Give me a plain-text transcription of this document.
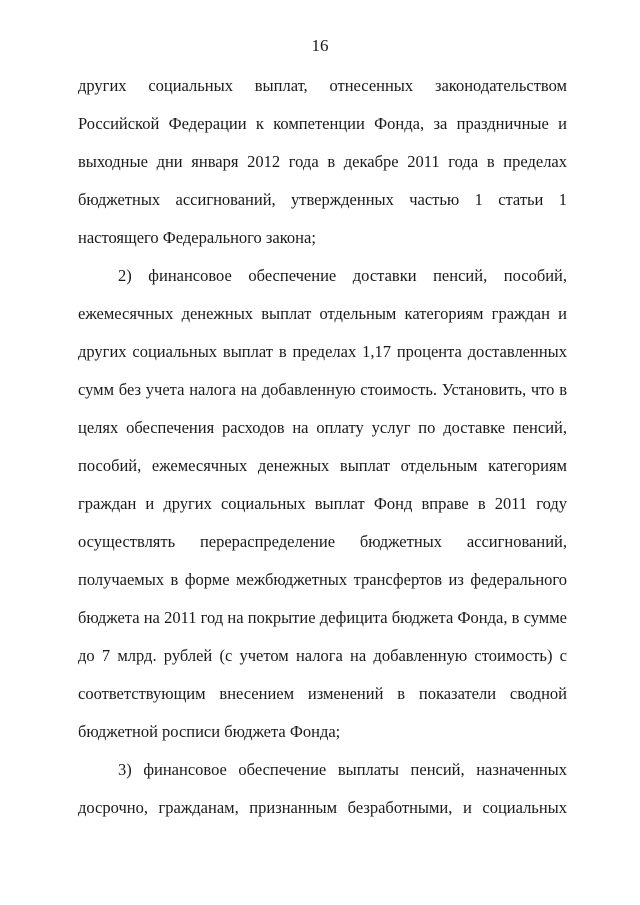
16
других социальных выплат, отнесенных законодательством
Российской Федерации к компетенции Фонда, за праздничные и
выходные дни января 2012 года в декабре 2011 года в пределах
бюджетных ассигнований, утвержденных частью 1 статьи 1
настоящего Федерального закона;
2) финансовое обеспечение доставки пенсий, пособий,
ежемесячных денежных выплат отдельным категориям граждан и
других социальных выплат в пределах 1,17 процента доставленных
сумм без учета налога на добавленную стоимость. Установить, что в
целях обеспечения расходов на оплату услуг по доставке пенсий,
пособий, ежемесячных денежных выплат отдельным категориям
граждан и других социальных выплат Фонд вправе в 2011 году
осуществлять перераспределение бюджетных ассигнований,
получаемых в форме межбюджетных трансфертов из федерального
бюджета на 2011 год на покрытие дефицита бюджета Фонда, в сумме
до 7 млрд. рублей (с учетом налога на добавленную стоимость) с
соответствующим внесением изменений в показатели сводной
бюджетной росписи бюджета Фонда;
3) финансовое обеспечение выплаты пенсий, назначенных
досрочно, гражданам, признанным безработными, и социальных
